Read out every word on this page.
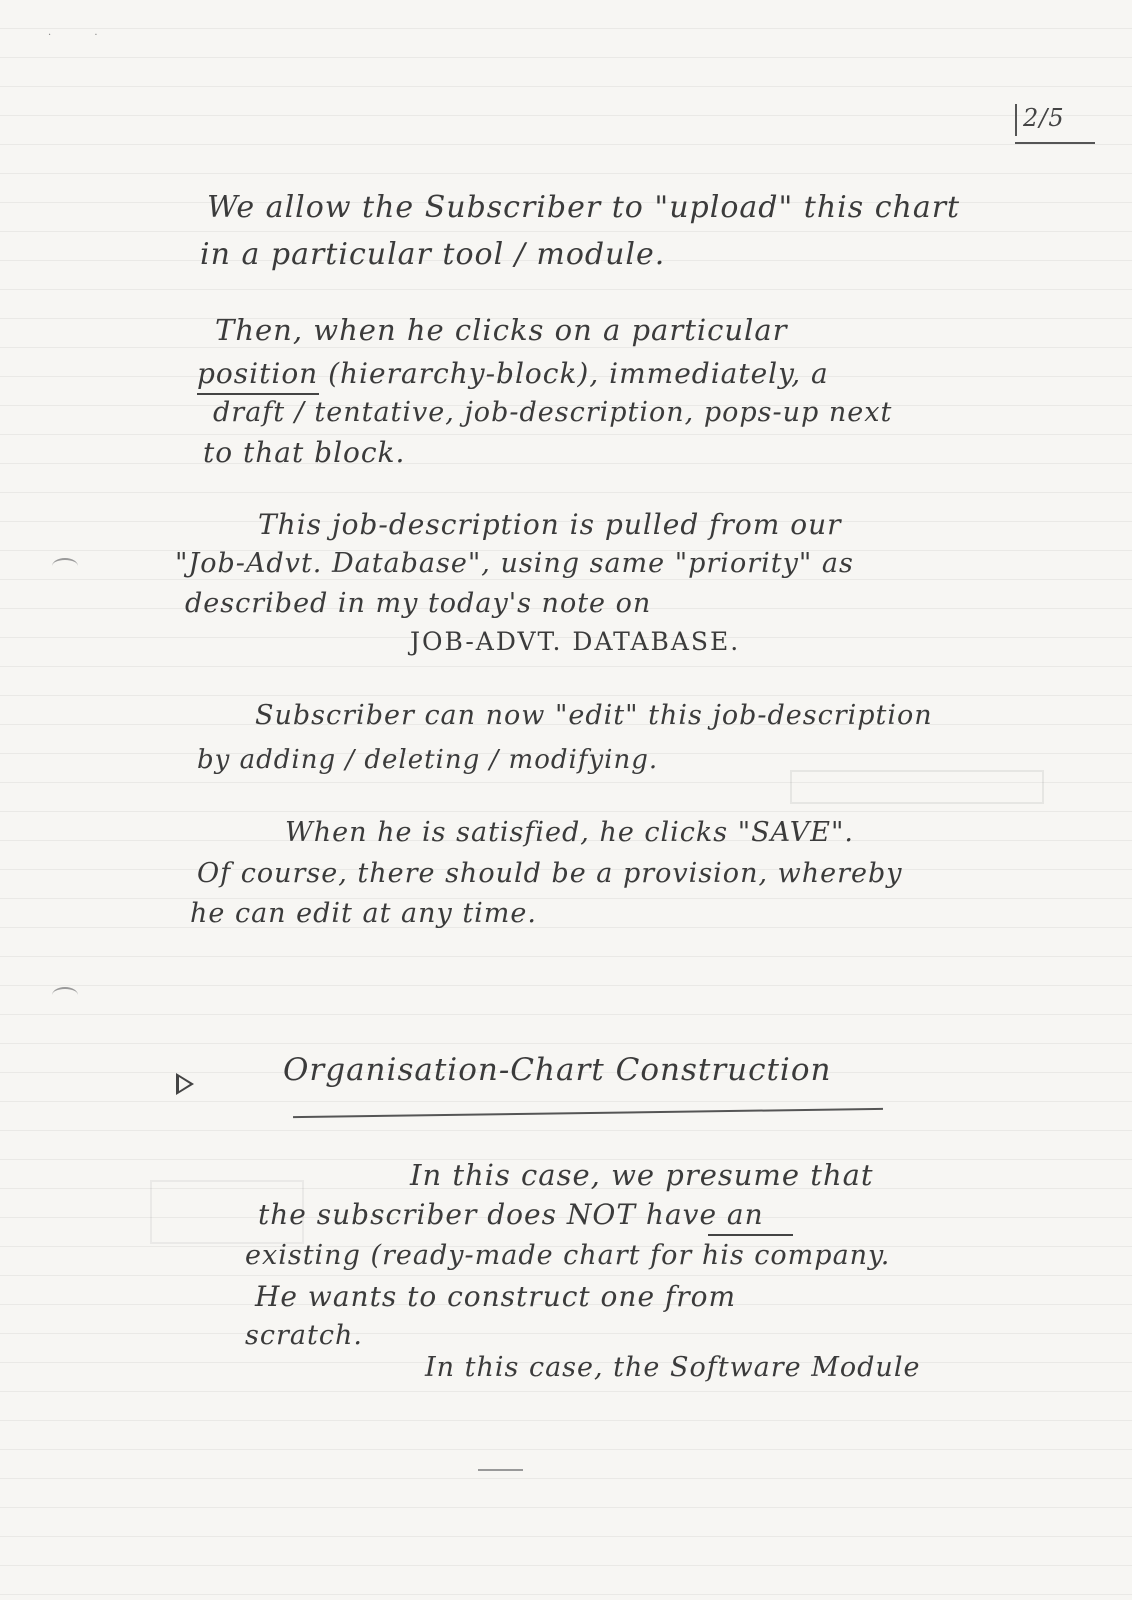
· ·
2/5
We allow the Subscriber to "upload" this chart
in a particular tool / module.
Then, when he clicks on a particular
position (hierarchy-block), immediately, a
draft / tentative, job-description, pops-up next
to that block.
This job-description is pulled from our
"Job-Advt. Database", using same "priority" as
described in my today's note on
JOB-ADVT. DATABASE.
Subscriber can now "edit" this job-description
by adding / deleting / modifying.
When he is satisfied, he clicks "SAVE".
Of course, there should be a provision, whereby
he can edit at any time.
Organisation-Chart Construction
In this case, we presume that
the subscriber does NOT have an
existing (ready-made chart for his company.
He wants to construct one from
scratch.
In this case, the Software Module
